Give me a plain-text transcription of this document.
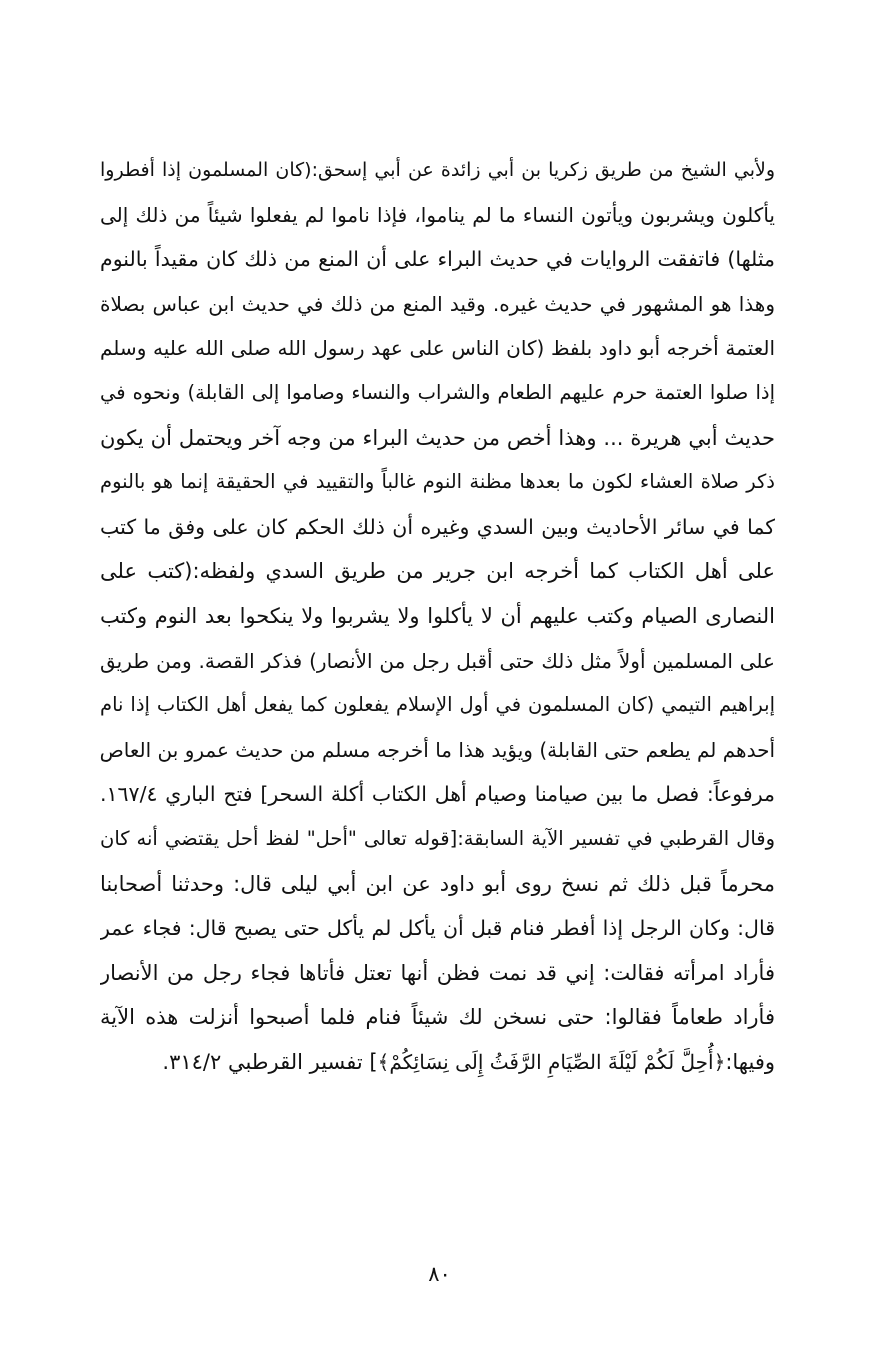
ولأبي الشيخ من طريق زكريا بن أبي زائدة عن أبي إسحق:(كان المسلمون إذا أفطروا
يأكلون ويشربون ويأتون النساء ما لم يناموا، فإذا ناموا لم يفعلوا شيئاً من ذلك إلى
مثلها) فاتفقت الروايات في حديث البراء على أن المنع من ذلك كان مقيداً بالنوم
وهذا هو المشهور في حديث غيره. وقيد المنع من ذلك في حديث ابن عباس بصلاة
العتمة أخرجه أبو داود بلفظ (كان الناس على عهد رسول الله صلى الله عليه وسلم
إذا صلوا العتمة حرم عليهم الطعام والشراب والنساء وصاموا إلى القابلة) ونحوه في
حديث أبي هريرة ... وهذا أخص من حديث البراء من وجه آخر ويحتمل أن يكون
ذكر صلاة العشاء لكون ما بعدها مظنة النوم غالباً والتقييد في الحقيقة إنما هو بالنوم
كما في سائر الأحاديث وبين السدي وغيره أن ذلك الحكم كان على وفق ما كتب
على أهل الكتاب كما أخرجه ابن جرير من طريق السدي ولفظه:(كتب على
النصارى الصيام وكتب عليهم أن لا يأكلوا ولا يشربوا ولا ينكحوا بعد النوم وكتب
على المسلمين أولاً مثل ذلك حتى أقبل رجل من الأنصار) فذكر القصة. ومن طريق
إبراهيم التيمي (كان المسلمون في أول الإسلام يفعلون كما يفعل أهل الكتاب إذا نام
أحدهم لم يطعم حتى القابلة) ويؤيد هذا ما أخرجه مسلم من حديث عمرو بن العاص
مرفوعاً: فصل ما بين صيامنا وصيام أهل الكتاب أكلة السحر] فتح الباري ١٦٧/٤.
وقال القرطبي في تفسير الآية السابقة:[قوله تعالى "أحل" لفظ أحل يقتضي أنه كان
محرماً قبل ذلك ثم نسخ روى أبو داود عن ابن أبي ليلى قال: وحدثنا أصحابنا
قال: وكان الرجل إذا أفطر فنام قبل أن يأكل لم يأكل حتى يصبح قال: فجاء عمر
فأراد امرأته فقالت: إني قد نمت فظن أنها تعتل فأتاها فجاء رجل من الأنصار
فأراد طعاماً فقالوا: حتى نسخن لك شيئاً فنام فلما أصبحوا أنزلت هذه الآية
وفيها:﴿أُحِلَّ لَكُمْ لَيْلَةَ الصِّيَامِ الرَّفَثُ إِلَى نِسَائِكُمْ﴾] تفسير القرطبي ٣١٤/٢.
٨٠
